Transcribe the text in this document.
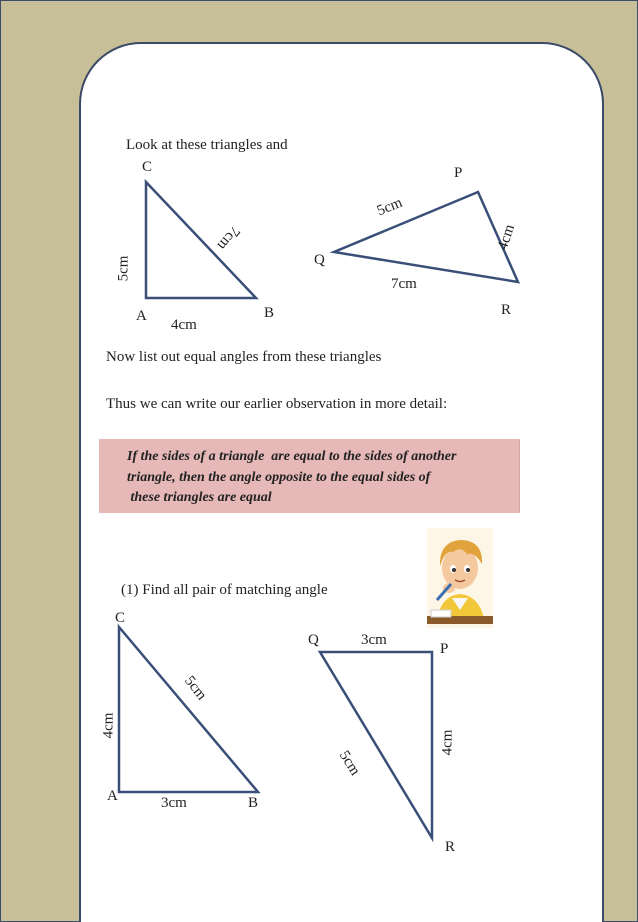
Look at these triangles and
C
A	B
4cm
5cm
7cm
P
Q
R
5cm
4cm
7cm
Now list out equal angles from these triangles
Thus we can write our earlier observation in more detail:
If the sides of a triangle  are equal to the sides of another
triangle, then the angle opposite to the equal sides of
these triangles are equal
(1) Find all pair of matching angle
C
A	B
3cm
4cm
5cm
Q
P
R
3cm
4cm
5cm
